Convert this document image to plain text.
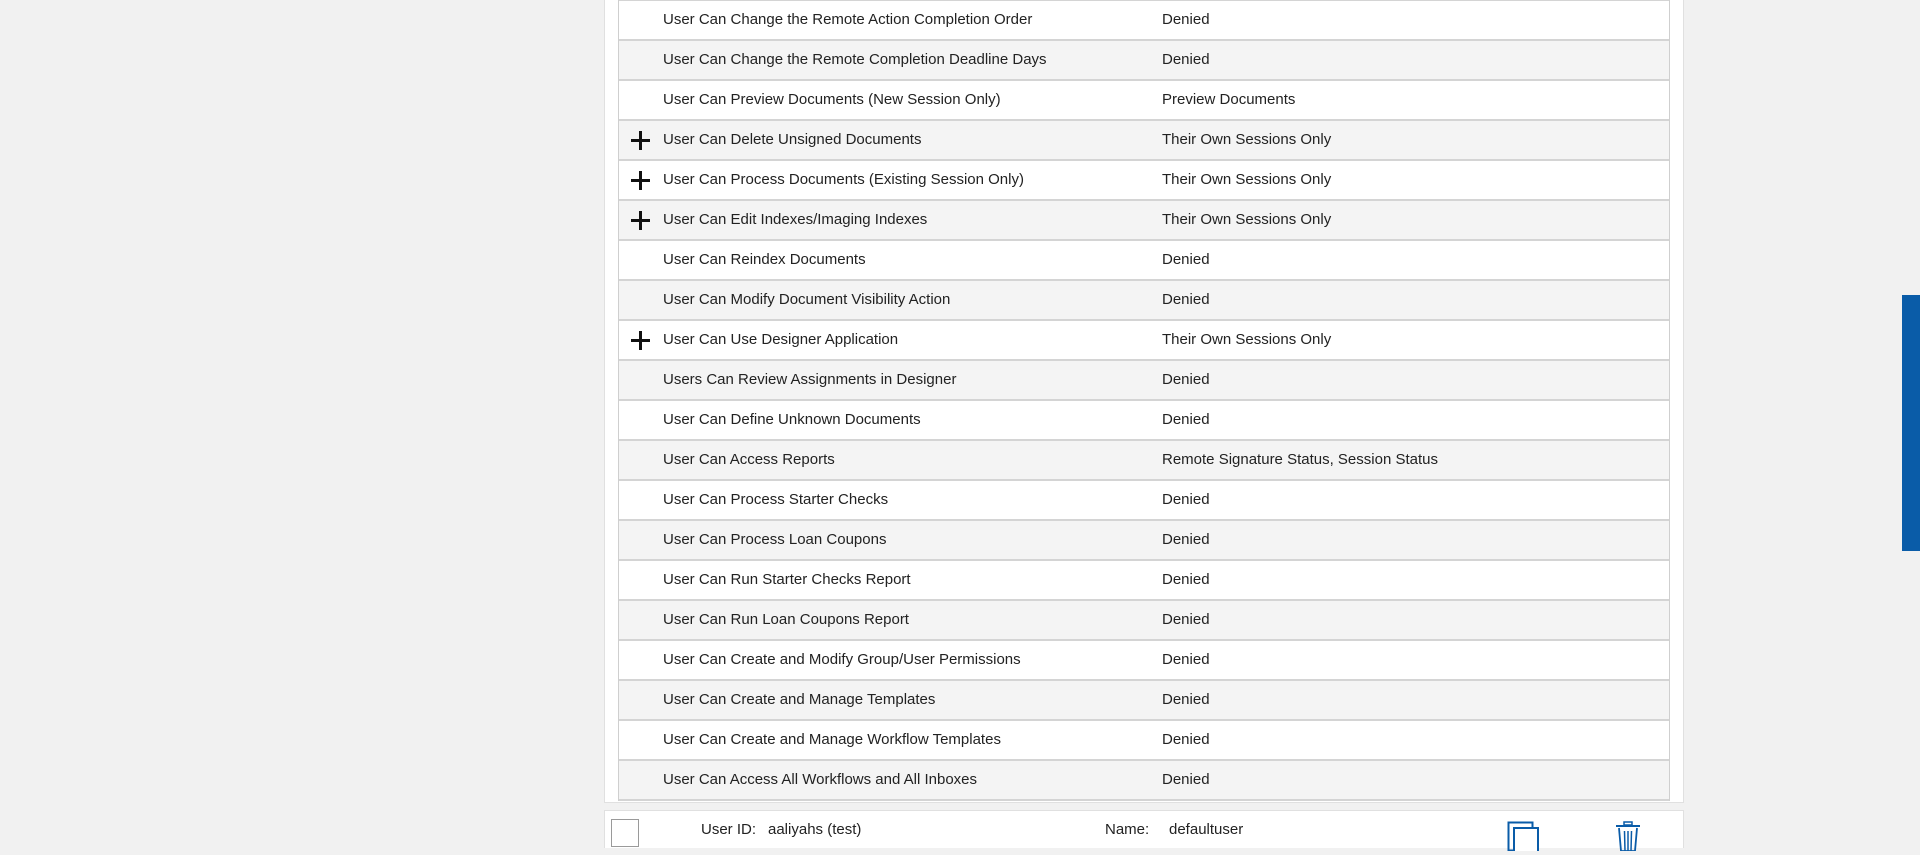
User Can Change the Remote Action Completion Order	Denied
User Can Change the Remote Completion Deadline Days	Denied
User Can Preview Documents (New Session Only)	Preview Documents
User Can Delete Unsigned Documents	Their Own Sessions Only
User Can Process Documents (Existing Session Only)	Their Own Sessions Only
User Can Edit Indexes/Imaging Indexes	Their Own Sessions Only
User Can Reindex Documents	Denied
User Can Modify Document Visibility Action	Denied
User Can Use Designer Application	Their Own Sessions Only
Users Can Review Assignments in Designer	Denied
User Can Define Unknown Documents	Denied
User Can Access Reports	Remote Signature Status, Session Status
User Can Process Starter Checks	Denied
User Can Process Loan Coupons	Denied
User Can Run Starter Checks Report	Denied
User Can Run Loan Coupons Report	Denied
User Can Create and Modify Group/User Permissions	Denied
User Can Create and Manage Templates	Denied
User Can Create and Manage Workflow Templates	Denied
User Can Access All Workflows and All Inboxes	Denied
User ID: aaliyahs (test)	Name: defaultuser
